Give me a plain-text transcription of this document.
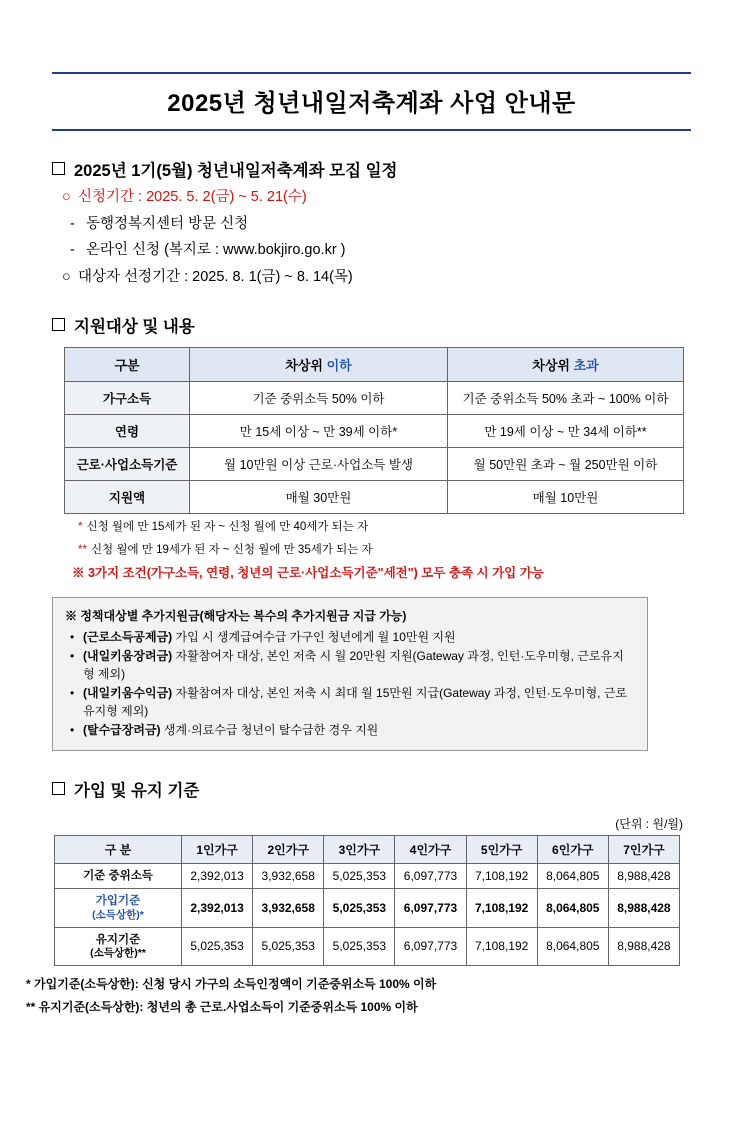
2025년 청년내일저축계좌 사업 안내문
2025년 1기(5월) 청년내일저축계좌 모집 일정
○ 신청기간 : 2025. 5. 2(금) ~ 5. 21(수)
- 동행정복지센터 방문 신청
- 온라인 신청 (복지로 : www.bokjiro.go.kr )
○ 대상자 선정기간 : 2025. 8. 1(금) ~ 8. 14(목)
지원대상 및 내용
구분	차상위 이하	차상위 초과
가구소득	기준 중위소득 50% 이하	기준 중위소득 50% 초과 ~ 100% 이하
연령	만 15세 이상 ~ 만 39세 이하*	만 19세 이상 ~ 만 34세 이하**
근로·사업소득기준	월 10만원 이상 근로·사업소득 발생	월 50만원 초과 ~ 월 250만원 이하
지원액	매월 30만원	매월 10만원
* 신청 월에 만 15세가 된 자 ~ 신청 월에 만 40세가 되는 자
** 신청 월에 만 19세가 된 자 ~ 신청 월에 만 35세가 되는 자
※ 3가지 조건(가구소득, 연령, 청년의 근로·사업소득기준"세전") 모두 충족 시 가입 가능
※ 정책대상별 추가지원금(해당자는 복수의 추가지원금 지급 가능)
• (근로소득공제금) 가입 시 생계급여수급 가구인 청년에게 월 10만원 지원
• (내일키움장려금) 자활참여자 대상, 본인 저축 시 월 20만원 지원(Gateway 과정, 인턴·도우미형, 근로유지형 제외)
• (내일키움수익금) 자활참여자 대상, 본인 저축 시 최대 월 15만원 지급(Gateway 과정, 인턴·도우미형, 근로유지형 제외)
• (탈수급장려금) 생계·의료수급 청년이 탈수급한 경우 지원
가입 및 유지 기준
(단위 : 원/월)
구 분	1인가구	2인가구	3인가구	4인가구	5인가구	6인가구	7인가구
기준 중위소득	2,392,013	3,932,658	5,025,353	6,097,773	7,108,192	8,064,805	8,988,428

가입기준
(소득상한)*	2,392,013	3,932,658	5,025,353	6,097,773	7,108,192	8,064,805	8,988,428

유지기준
(소득상한)**	5,025,353	5,025,353	5,025,353	6,097,773	7,108,192	8,064,805	8,988,428
* 가입기준(소득상한): 신청 당시 가구의 소득인정액이 기준중위소득 100% 이하
** 유지기준(소득상한): 청년의 총 근로.사업소득이 기준중위소득 100% 이하
